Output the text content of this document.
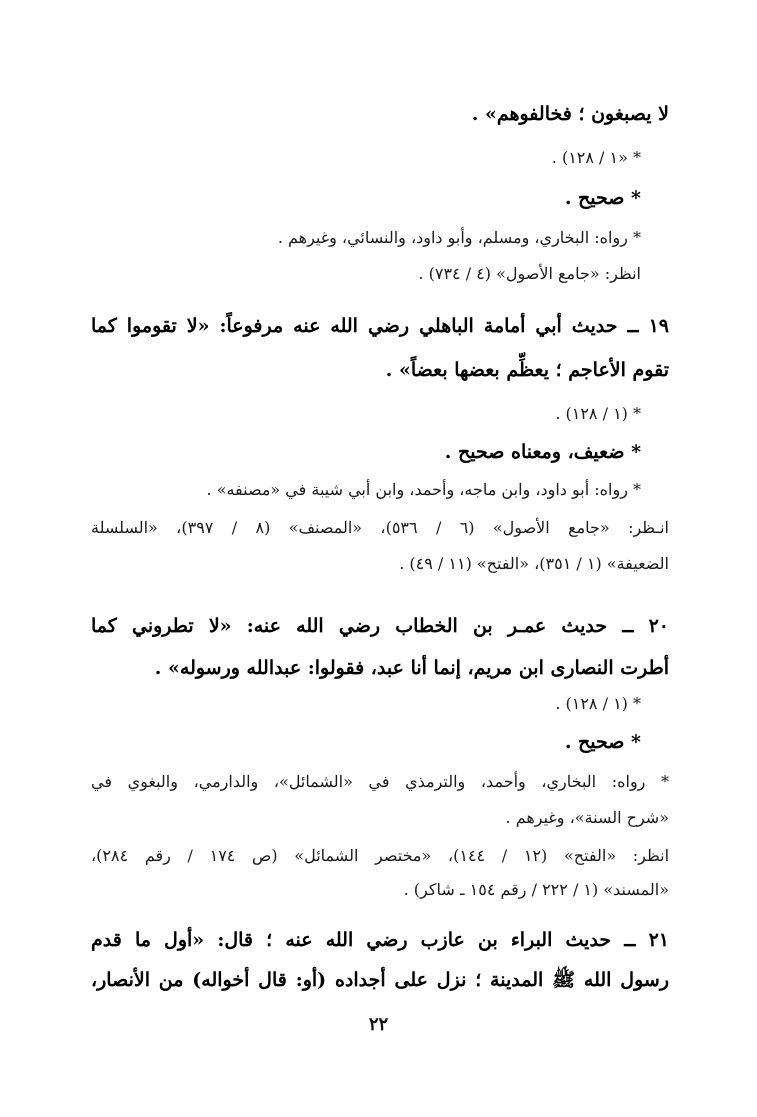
لا يصبغون ؛ فخالفوهم» .
* «١ / ١٢٨) .
* صحيح .
* رواه: البخاري، ومسلم، وأبو داود، والنسائي، وغيرهم .
انظر: «جامع الأصول» (٤ / ٧٣٤) .
١٩ ــ حديث أبي أمامة الباهلي رضي الله عنه مرفوعاً: «لا تقوموا كما
تقوم الأعاجم ؛ يعظِّم بعضها بعضاً» .
* (١ / ١٢٨) .
* ضعيف، ومعناه صحيح .
* رواه: أبو داود، وابن ماجه، وأحمد، وابن أبي شيبة في «مصنفه» .
انـظر: «جامع الأصول» (٦ / ٥٣٦)، «المصنف» (٨ / ٣٩٧)، «السلسلة
الضعيفة» (١ / ٣٥١)، «الفتح» (١١ / ٤٩) .
٢٠ ــ حديث عمـر بن الخطاب رضي الله عنه: «لا تطروني كما
أطرت النصارى ابن مريم، إنما أنا عبد، فقولوا: عبدالله ورسوله» .
* (١ / ١٢٨) .
* صحيح .
* رواه: البخاري، وأحمد، والترمذي في «الشمائل»، والدارمي، والبغوي في
«شرح السنة»، وغيرهم .
انظر: «الفتح» (١٢ / ١٤٤)، «مختصر الشمائل» (ص ١٧٤ / رقم ٢٨٤)،
«المسند» (١ / ٢٢٢ / رقم ١٥٤ ـ شاكر) .
٢١ ــ حديث البراء بن عازب رضي الله عنه ؛ قال: «أول ما قدم
رسول الله ﷺ المدينة ؛ نزل على أجداده (أو: قال أخواله) من الأنصار،
٢٢
